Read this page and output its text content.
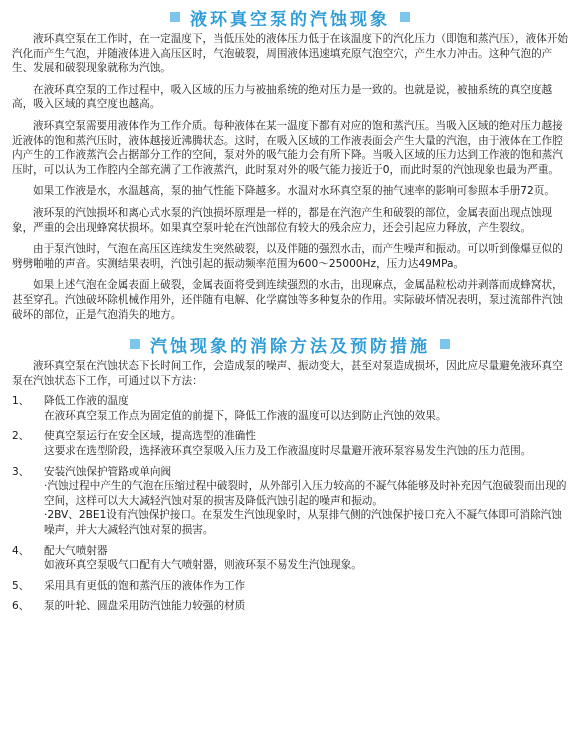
液环真空泵的汽蚀现象

液环真空泵在工作时，在一定温度下，当低压处的液体压力低于在该温度下的汽化压力（即饱和蒸汽压），液体开始汽化而产生气泡，并随液体进入高压区时，气泡破裂，周围液体迅速填充原气泡空穴，产生水力冲击。这种气泡的产生、发展和破裂现象就称为汽蚀。

在液环真空泵的工作过程中，吸入区域的压力与被抽系统的绝对压力是一致的。也就是说，被抽系统的真空度越高，吸入区域的真空度也越高。

液环真空泵需要用液体作为工作介质。每种液体在某一温度下都有对应的饱和蒸汽压。当吸入区域的绝对压力越接近液体的饱和蒸汽压时，液体越接近沸腾状态。这时，在吸入区域的工作液表面会产生大量的汽泡，由于液体在工作腔内产生的工作液蒸汽会占据部分工作的空间，泵对外的吸气能力会有所下降。当吸入区域的压力达到工作液的饱和蒸汽压时，可以认为工作腔内全部充满了工作液蒸汽，此时泵对外的吸气能力接近于0，而此时泵的汽蚀现象也最为严重。

如果工作液是水，水温越高，泵的抽气性能下降越多。水温对水环真空泵的抽气速率的影响可参照本手册72页。

液环泵的汽蚀损坏和离心式水泵的汽蚀损坏原理是一样的，都是在汽泡产生和破裂的部位，金属表面出现点蚀现象，严重的会出现蜂窝状损坏。如果真空泵叶轮在汽蚀部位有较大的残余应力，还会引起应力释放，产生裂纹。

由于泵汽蚀时，气泡在高压区连续发生突然破裂，以及伴随的强烈水击，而产生噪声和振动。可以听到像爆豆似的劈劈啪啪的声音。实测结果表明，汽蚀引起的振动频率范围为600～25000Hz，压力达49MPa。

如果上述气泡在金属表面上破裂，金属表面将受到连续强烈的水击，出现麻点，金属晶粒松动并剥落而成蜂窝状，甚至穿孔。汽蚀破坏除机械作用外，还伴随有电解、化学腐蚀等多种复杂的作用。实际破坏情况表明，泵过流部件汽蚀破坏的部位，正是气泡消失的地方。

汽蚀现象的消除方法及预防措施

液环真空泵在汽蚀状态下长时间工作，会造成泵的噪声、振动变大，甚至对泵造成损坏，因此应尽量避免液环真空泵在汽蚀状态下工作，可通过以下方法：

1、	降低工作液的温度

在液环真空泵工作点为固定值的前提下，降低工作液的温度可以达到防止汽蚀的效果。

2、	使真空泵运行在安全区域，提高选型的准确性

这要求在选型阶段，选择液环真空泵吸入压力及工作液温度时尽量避开液环泵容易发生汽蚀的压力范围。

3、	安装汽蚀保护管路或单向阀

·汽蚀过程中产生的气泡在压缩过程中破裂时，从外部引入压力较高的不凝气体能够及时补充因气泡破裂而出现的空间，这样可以大大减轻汽蚀对泵的损害及降低汽蚀引起的噪声和振动。

·2BV、2BE1设有汽蚀保护接口。在泵发生汽蚀现象时，从泵排气侧的汽蚀保护接口充入不凝气体即可消除汽蚀噪声，并大大减轻汽蚀对泵的损害。

4、	配大气喷射器

如液环真空泵吸气口配有大气喷射器，则液环泵不易发生汽蚀现象。

5、	采用具有更低的饱和蒸汽压的液体作为工作
6、	泵的叶轮、圆盘采用防汽蚀能力较强的材质
